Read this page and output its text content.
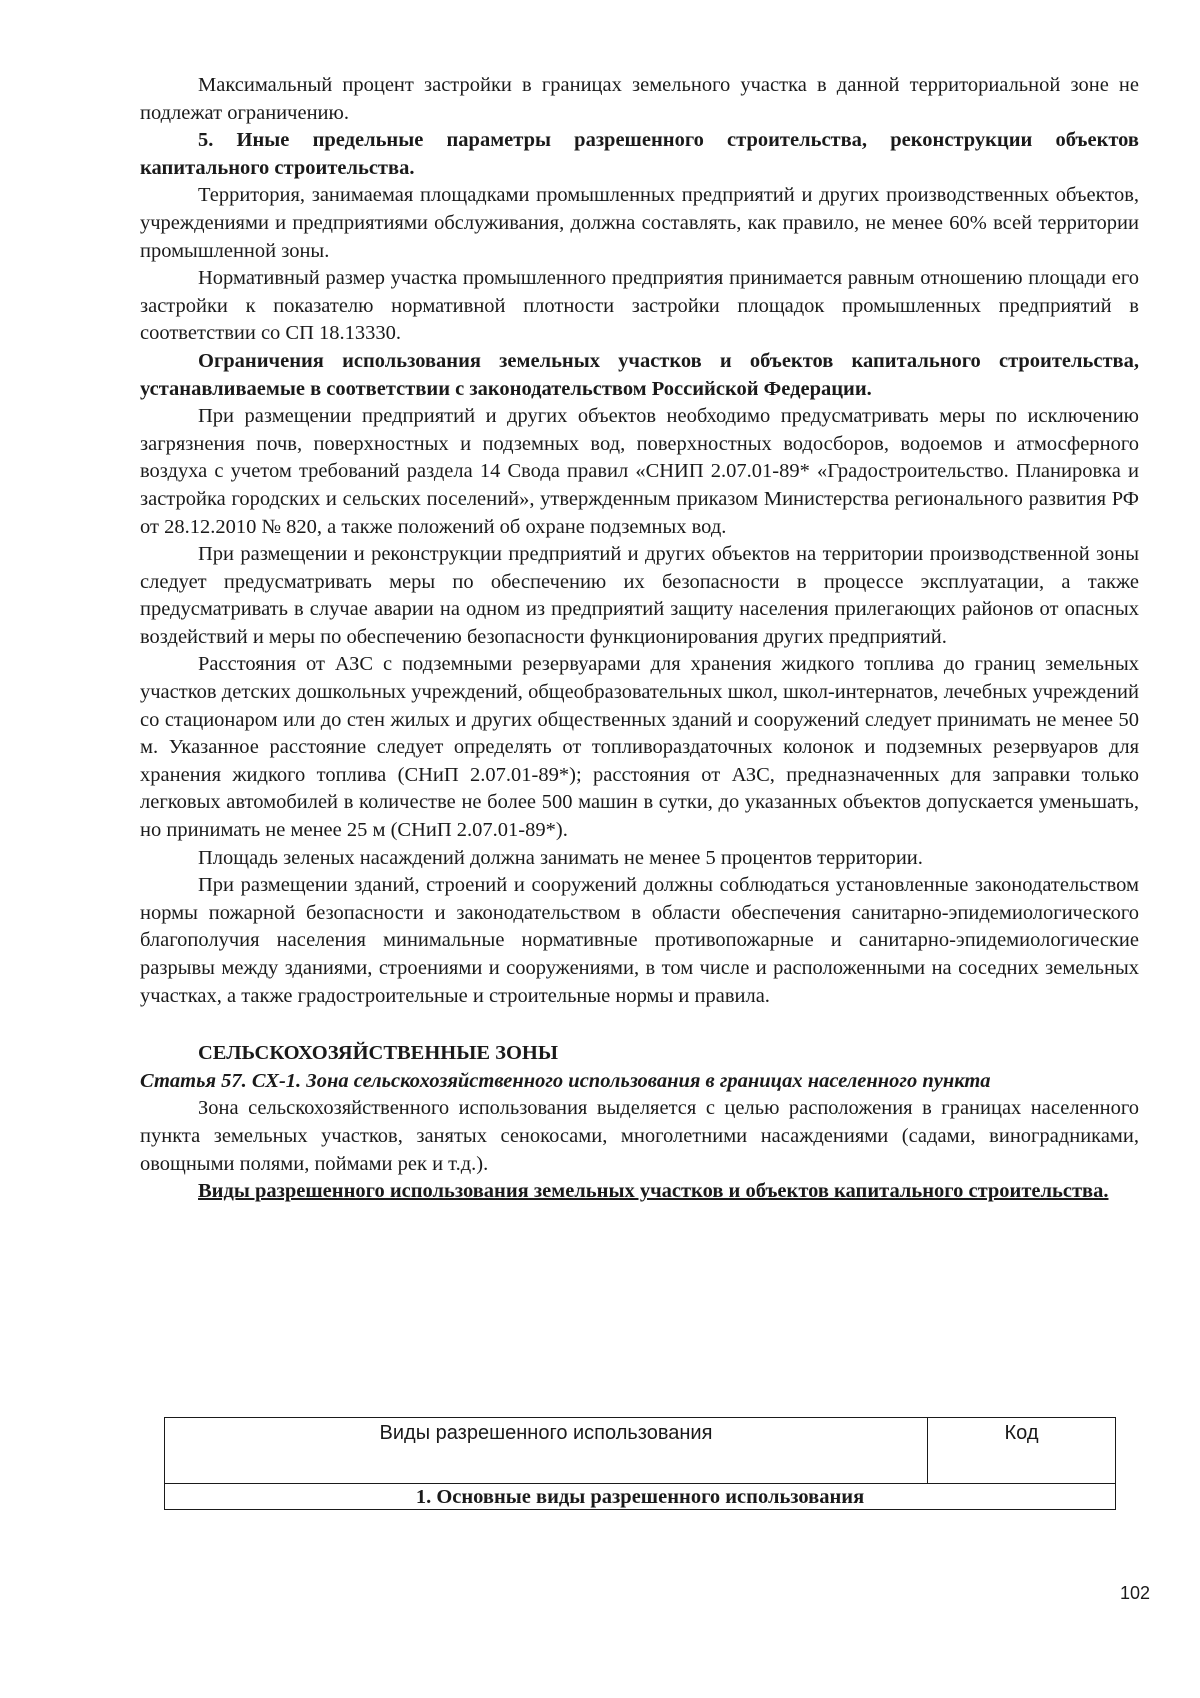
Максимальный процент застройки в границах земельного участка в данной территориальной зоне не подлежат ограничению.

5. Иные предельные параметры разрешенного строительства, реконструкции объектов капитального строительства.

Территория, занимаемая площадками промышленных предприятий и других производственных объектов, учреждениями и предприятиями обслуживания, должна составлять, как правило, не менее 60% всей территории промышленной зоны.

Нормативный размер участка промышленного предприятия принимается равным отношению площади его застройки к показателю нормативной плотности застройки площадок промышленных предприятий в соответствии со СП 18.13330.

Ограничения использования земельных участков и объектов капитального строительства, устанавливаемые в соответствии с законодательством Российской Федерации.

При размещении предприятий и других объектов необходимо предусматривать меры по исключению загрязнения почв, поверхностных и подземных вод, поверхностных водосборов, водоемов и атмосферного воздуха с учетом требований раздела 14 Свода правил «СНИП 2.07.01-89* «Градостроительство. Планировка и застройка городских и сельских поселений», утвержденным приказом Министерства регионального развития РФ от 28.12.2010 № 820, а также положений об охране подземных вод.

При размещении и реконструкции предприятий и других объектов на территории производственной зоны следует предусматривать меры по обеспечению их безопасности в процессе эксплуатации, а также предусматривать в случае аварии на одном из предприятий защиту населения прилегающих районов от опасных воздействий и меры по обеспечению безопасности функционирования других предприятий.

Расстояния от АЗС с подземными резервуарами для хранения жидкого топлива до границ земельных участков детских дошкольных учреждений, общеобразовательных школ, школ-интернатов, лечебных учреждений со стационаром или до стен жилых и других общественных зданий и сооружений следует принимать не менее 50 м. Указанное расстояние следует определять от топливораздаточных колонок и подземных резервуаров для хранения жидкого топлива (СНиП 2.07.01-89*); расстояния от АЗС, предназначенных для заправки только легковых автомобилей в количестве не более 500 машин в сутки, до указанных объектов допускается уменьшать, но принимать не менее 25 м (СНиП 2.07.01-89*).

Площадь зеленых насаждений должна занимать не менее 5 процентов территории.

При размещении зданий, строений и сооружений должны соблюдаться установленные законодательством нормы пожарной безопасности и законодательством в области обеспечения санитарно-эпидемиологического благополучия населения минимальные нормативные противопожарные и санитарно-эпидемиологические разрывы между зданиями, строениями и сооружениями, в том числе и расположенными на соседних земельных участках, а также градостроительные и строительные нормы и правила.

СЕЛЬСКОХОЗЯЙСТВЕННЫЕ ЗОНЫ

Статья 57. СХ-1. Зона сельскохозяйственного использования в границах населенного пункта

Зона сельскохозяйственного использования выделяется с целью расположения в границах населенного пункта земельных участков, занятых сенокосами, многолетними насаждениями (садами, виноградниками, овощными полями, поймами рек и т.д.).

Виды разрешенного использования земельных участков и объектов капитального строительства.

Виды разрешенного использования	Код
1. Основные виды разрешенного использования
102
